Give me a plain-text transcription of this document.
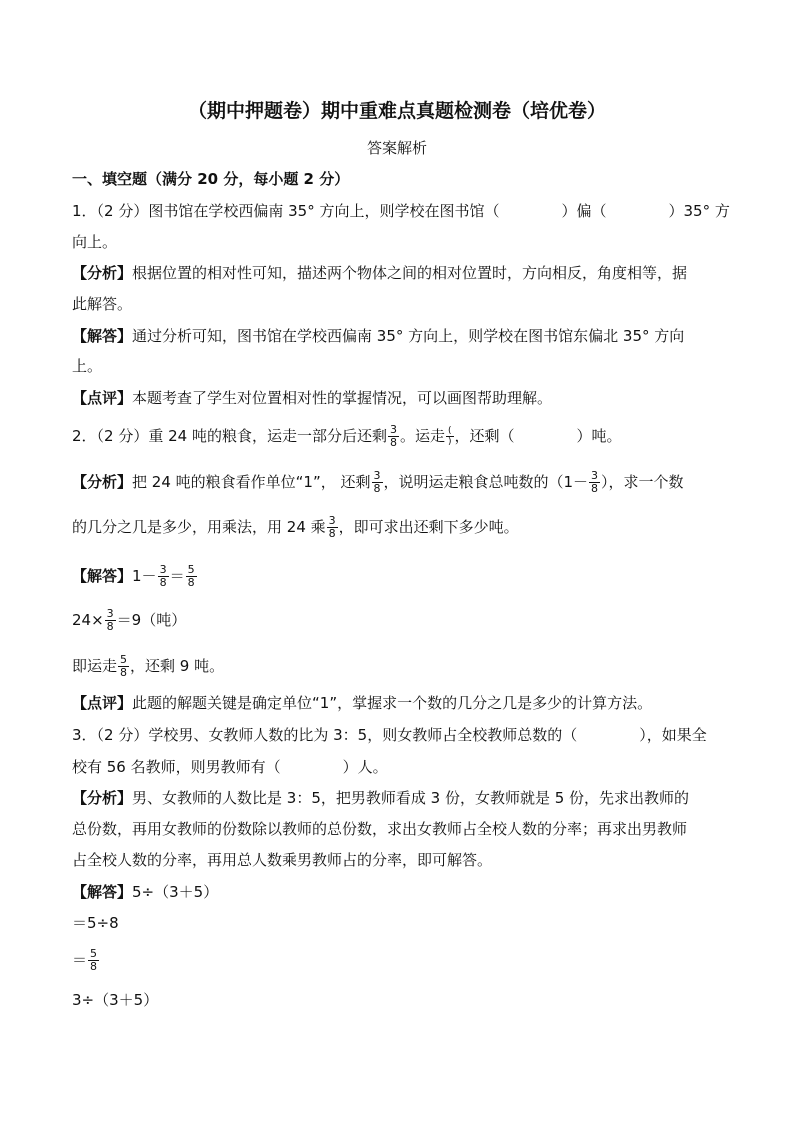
（期中押题卷）期中重难点真题检测卷（培优卷）
答案解析
一、填空题（满分 20 分，每小题 2 分）
1．（2 分）图书馆在学校西偏南 35° 方向上，则学校在图书馆（	）偏（	）35° 方
向上。
【分析】根据位置的相对性可知，描述两个物体之间的相对位置时，方向相反，角度相等，据
此解答。
【解答】通过分析可知，图书馆在学校西偏南 35° 方向上，则学校在图书馆东偏北 35° 方向
上。
【点评】本题考查了学生对位置相对性的掌握情况，可以画图帮助理解。
2．（2 分）重 24 吨的粮食，运走一部分后还剩 $\frac{3}{8}$ 。运走 $\frac{(}{)}$ ，还剩（	）吨。
【分析】把 24 吨的粮食看作单位“1”， 还剩 $\frac{3}{8}$ ，说明运走粮食总吨数的（$1- \frac{3}{8}$ ），求一个数
的几分之几是多少，用乘法，用 24 乘 $\frac{3}{8}$ ，即可求出还剩下多少吨。
【解答】$1- \frac{3}{8} = \frac{5}{8}$
$24\times \frac{3}{8} =9$（吨）
即运走 $\frac{5}{8}$ ，还剩 9 吨。
【点评】此题的解题关键是确定单位“1”，掌握求一个数的几分之几是多少的计算方法。
3．（2 分）学校男、女教师人数的比为 3：5，则女教师占全校教师总数的（	），如果全
校有 56 名教师，则男教师有（	）人。
【分析】男、女教师的人数比是 3：5，把男教师看成 3 份，女教师就是 5 份，先求出教师的
总份数，再用女教师的份数除以教师的总份数，求出女教师占全校人数的分率；再求出男教师
占全校人数的分率，再用总人数乘男教师占的分率，即可解答。
【解答】5÷（3＋5）
＝5÷8
＝ $\frac{5}{8}$
3÷（3＋5）
